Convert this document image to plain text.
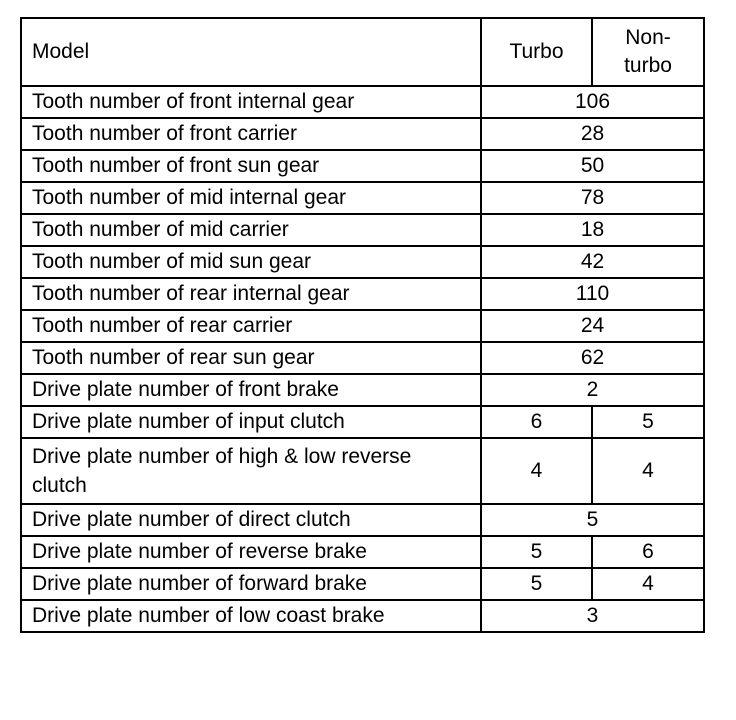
Model	Turbo	Non-
turbo
Tooth number of front internal gear	106	
Tooth number of front carrier	28	
Tooth number of front sun gear	50	
Tooth number of mid internal gear	78	
Tooth number of mid carrier	18	
Tooth number of mid sun gear	42	
Tooth number of rear internal gear	110	
Tooth number of rear carrier	24	
Tooth number of rear sun gear	62	
Drive plate number of front brake	2	
Drive plate number of input clutch	6	5
Drive plate number of high & low reverse clutch	4	4
Drive plate number of direct clutch	5	
Drive plate number of reverse brake	5	6
Drive plate number of forward brake	5	4
Drive plate number of low coast brake	3	
